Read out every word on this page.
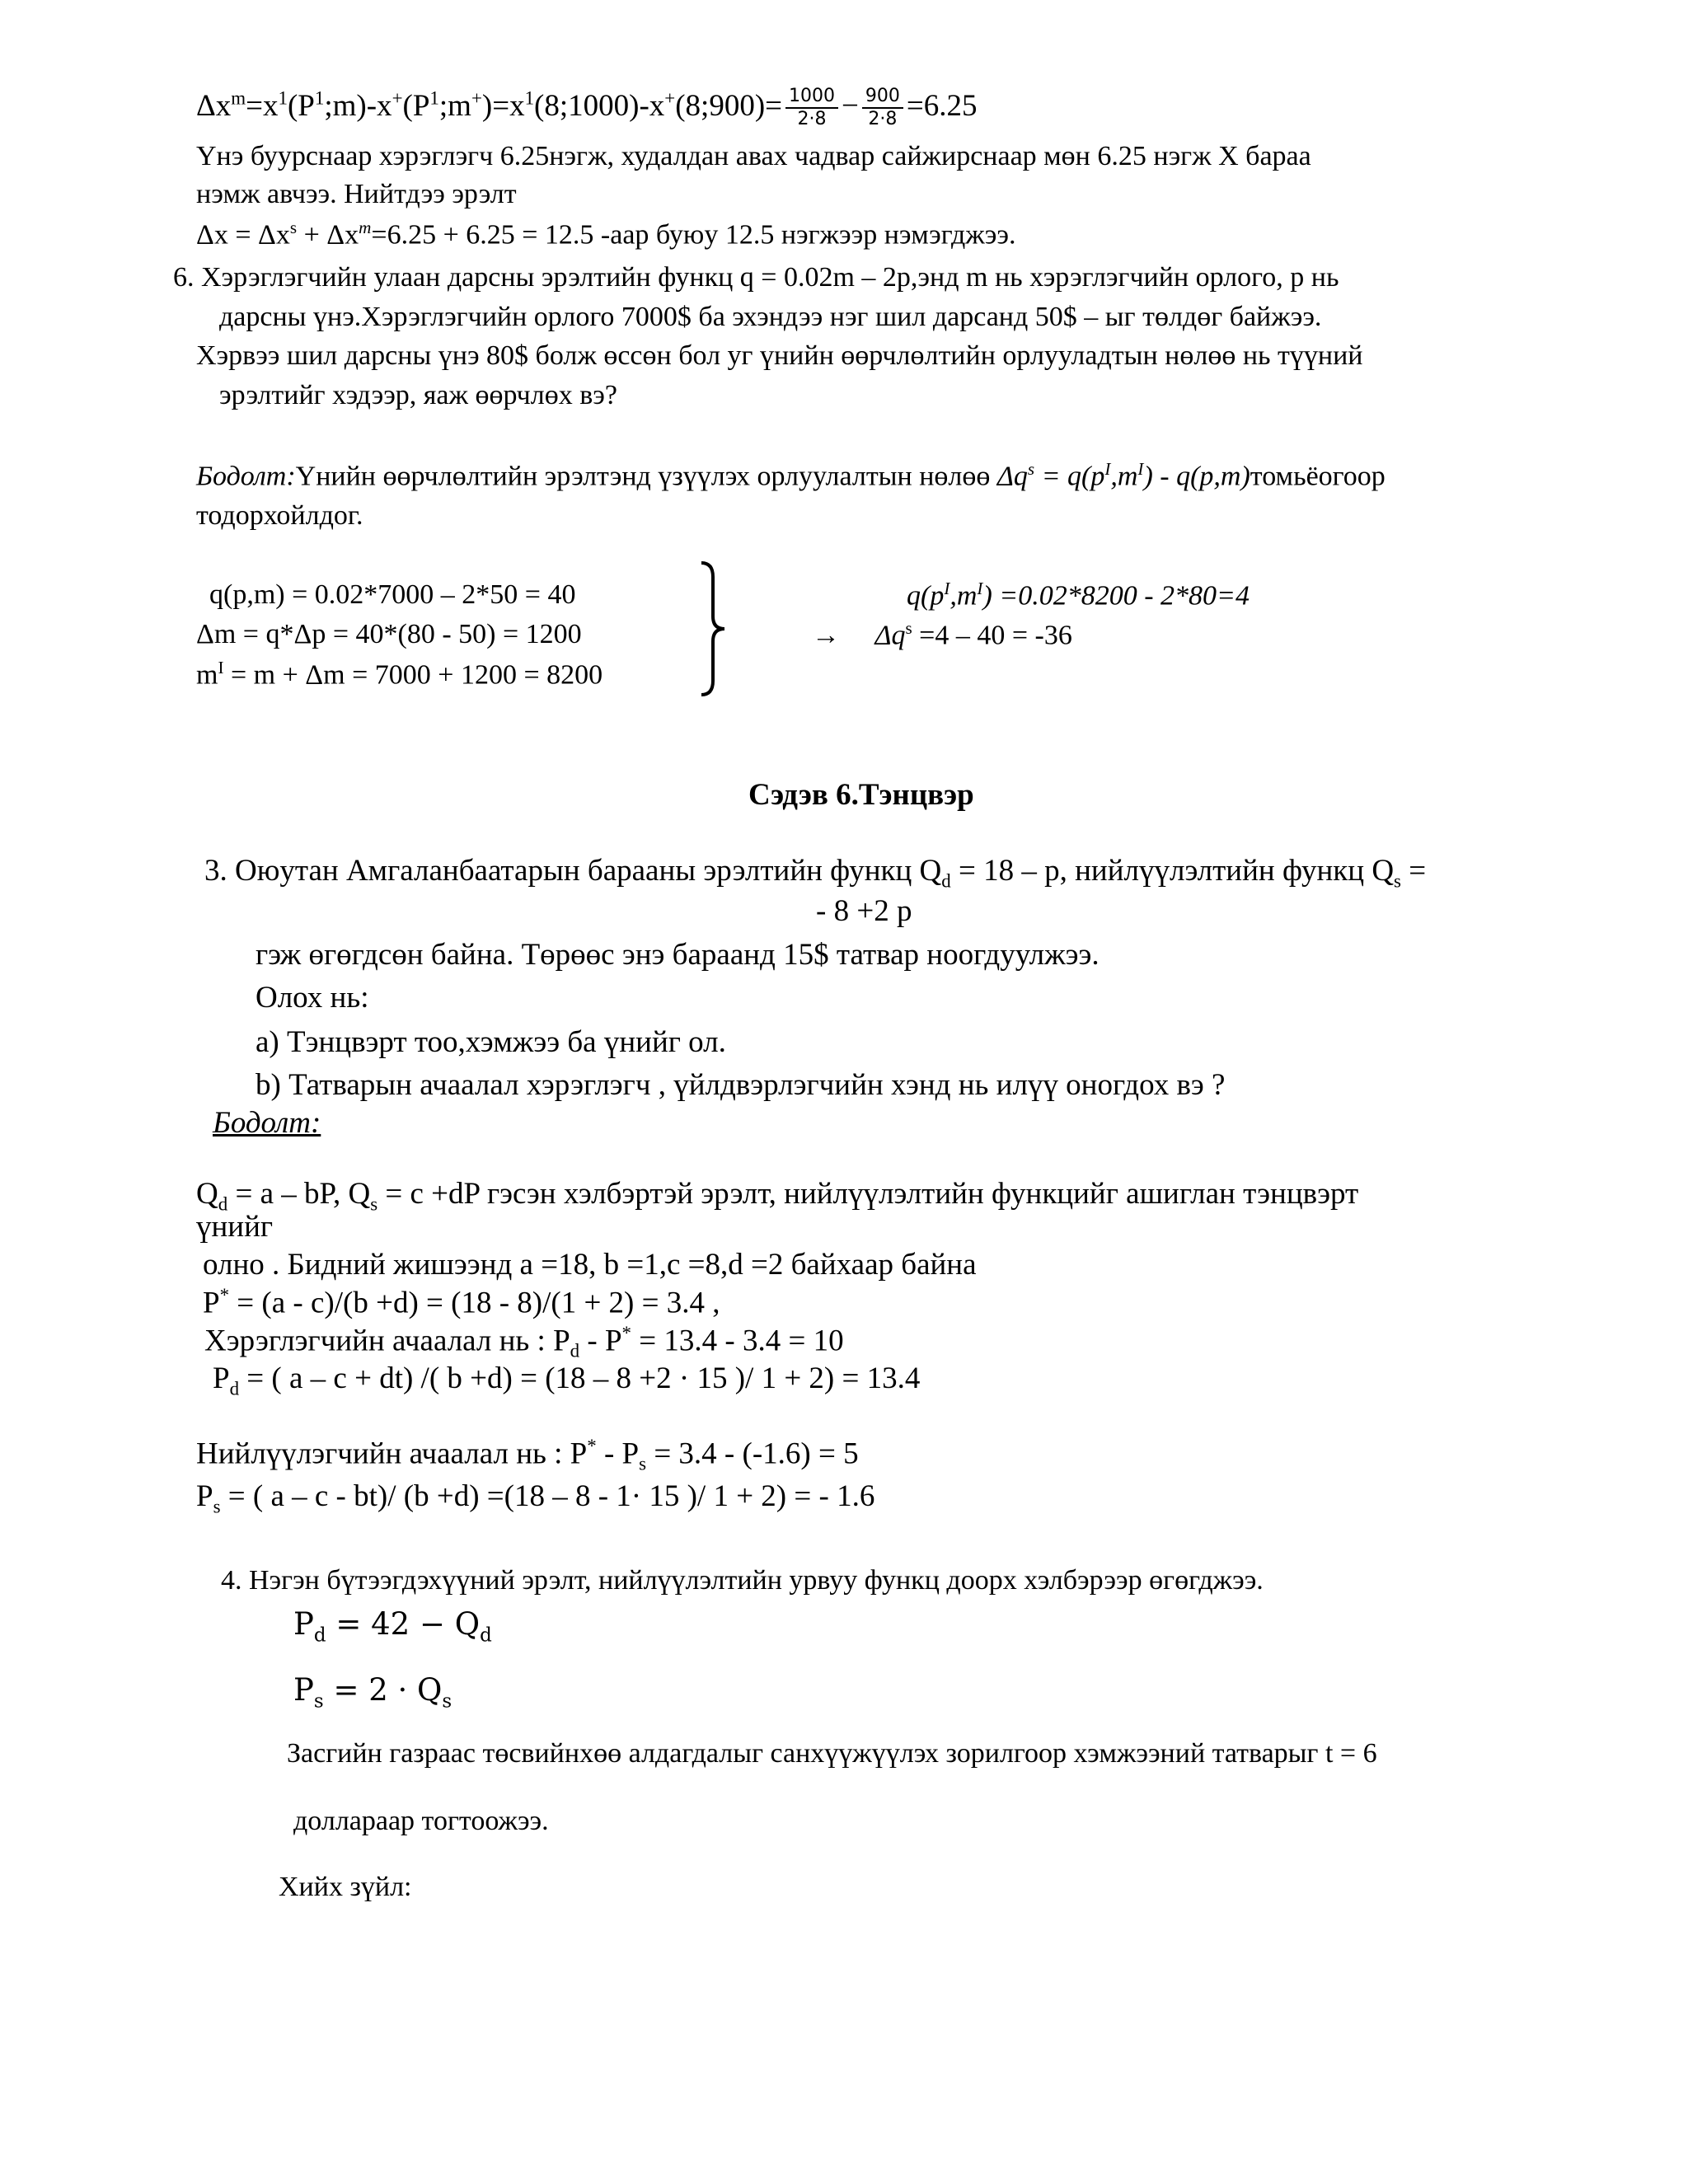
$\Delta x^m=x^1(P^1;m)-x^+(P^1;m^+)=x^1(8;1000)-x^+(8;900)= \frac{1000}{2\cdot 8} - \frac{900}{2\cdot 8} =6.25$
Үнэ буурснаар хэрэглэгч 6.25нэгж, худалдан авах чадвар сайжирснаар мөн 6.25 нэгж X бараа
нэмж авчээ. Нийтдээ эрэлт
$\Delta x = \Delta x^s + \Delta x^m=6.25 + 6.25 = 12.5$ -аар буюу 12.5 нэгжээр нэмэгджээ.
6. Хэрэглэгчийн улаан дарсны эрэлтийн функц q = 0.02m – 2p,энд m нь хэрэглэгчийн орлого, p нь
дарсны үнэ.Хэрэглэгчийн орлого 7000$ ба эхэндээ нэг шил дарсанд 50$ – ыг төлдөг байжээ.
Хэрвээ шил дарсны үнэ 80$ болж өссөн бол уг үнийн өөрчлөлтийн орлууладтын нөлөө нь түүний
эрэлтийг хэдээр, яаж өөрчлөх вэ?
Бодолт:Үнийн өөрчлөлтийн эрэлтэнд үзүүлэх орлуулалтын нөлөө $\Delta q^s = q(p^I,m^I)$ - q(p,m)томьёогоор
тодорхойлдог.
q(p,m) = 0.02*7000 – 2*50 = 40
Δm = q*Δp = 40*(80 - 50) = 1200
$m^I = m + \Delta m = 7000 + 1200 = 8200$
$q(p^I,m^I) =0.02*8200 - 2*80=4$
→ $\Delta q^s =4 - 40 = -36$
Сэдэв 6.Тэнцвэр
3. Оюутан Амгаланбаатарын барааны эрэлтийн функц $Q_d = 18 - p$, нийлүүлэлтийн функц $Q_s$ =
- 8 +2 p
гэж өгөгдсөн байна. Төрөөс энэ бараанд 15$ татвар ноогдуулжээ.
Олох нь:
a) Тэнцвэрт тоо,хэмжээ ба үнийг ол.
b) Татварын ачаалал хэрэглэгч , үйлдвэрлэгчийн хэнд нь илүү оногдох вэ ?
Бодолт:
$Q_d = a$ – bP, $Q_s = c +dP$ гэсэн хэлбэртэй эрэлт, нийлүүлэлтийн функцийг ашиглан тэнцвэрт
үнийг
олно . Бидний жишээнд a =18, b =1,c =8,d =2 байхаар байна
P* = (a - c)/(b +d) = (18 - 8)/(1 + 2) = 3.4 ,
Хэрэглэгчийн ачаалал нь : $P_d - P^* = 13.4 - 3.4 = 10$
$P_d$ = ( a – c + dt) /( b +d) = (18 – 8 +2 · 15 )/ 1 + 2) = 13.4
Нийлүүлэгчийн ачаалал нь : $P^* - P_s = 3.4 - (-1.6) = 5$
$P_s$ = ( a – c - bt)/ (b +d) =(18 – 8 - 1· 15 )/ 1 + 2) = - 1.6
4. Нэгэн бүтээгдэхүүний эрэлт, нийлүүлэлтийн урвуу функц доорх хэлбэрээр өгөгджээ.
$P_d = 42 - Q_d$
$P_s = 2 \cdot Q_s$
Засгийн газраас төсвийнхөө алдагдалыг санхүүжүүлэх зорилгоор хэмжээний татварыг t = 6
доллараар тогтоожээ.
Хийх зүйл:
